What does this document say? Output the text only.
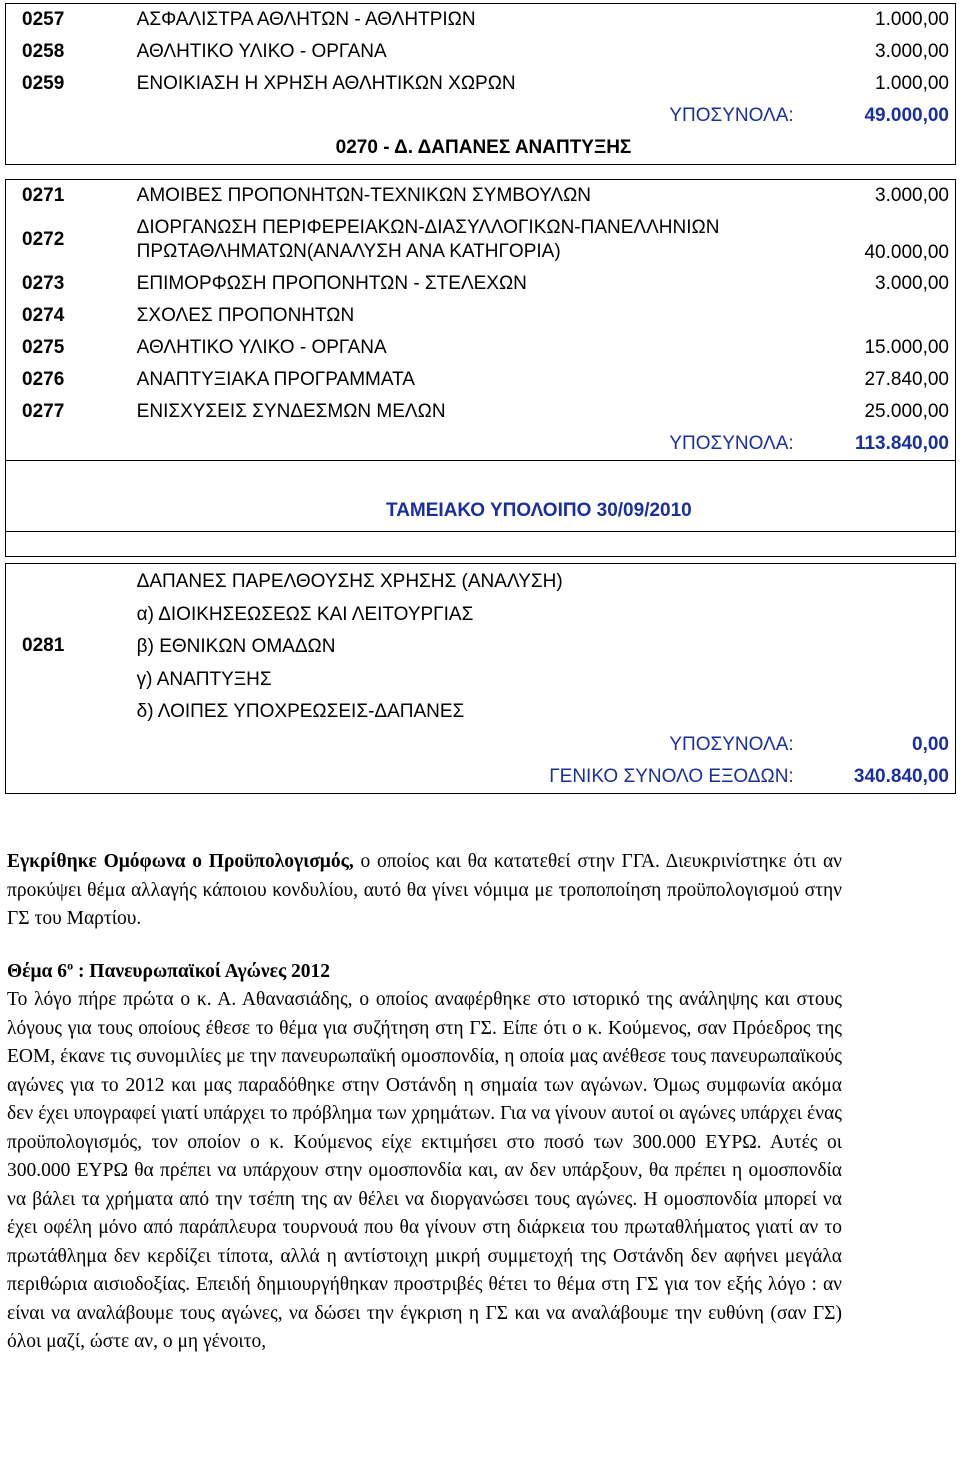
0257	ΑΣΦΑΛΙΣΤΡΑ ΑΘΛΗΤΩΝ - ΑΘΛΗΤΡΙΩΝ	1.000,00
0258	ΑΘΛΗΤΙΚΟ ΥΛΙΚΟ - ΟΡΓΑΝΑ	3.000,00
0259	ΕΝΟΙΚΙΑΣΗ Η ΧΡΗΣΗ ΑΘΛΗΤΙΚΩΝ ΧΩΡΩΝ	1.000,00
	ΥΠΟΣΥΝΟΛΑ:	49.000,00
	0270 - Δ. ΔΑΠΑΝΕΣ ΑΝΑΠΤΥΞΗΣ	

0271	ΑΜΟΙΒΕΣ ΠΡΟΠΟΝΗΤΩΝ-ΤΕΧΝΙΚΩΝ ΣΥΜΒΟΥΛΩΝ	3.000,00
0272	ΔΙΟΡΓΑΝΩΣΗ ΠΕΡΙΦΕΡΕΙΑΚΩΝ-ΔΙΑΣΥΛΛΟΓΙΚΩΝ-ΠΑΝΕΛΛΗΝΙΩΝ
ΠΡΩΤΑΘΛΗΜΑΤΩΝ(ΑΝΑΛΥΣΗ ΑΝΑ ΚΑΤΗΓΟΡΙΑ)	40.000,00
0273	ΕΠΙΜΟΡΦΩΣΗ ΠΡΟΠΟΝΗΤΩΝ - ΣΤΕΛΕΧΩΝ	3.000,00
0274	ΣΧΟΛΕΣ ΠΡΟΠΟΝΗΤΩΝ	
0275	ΑΘΛΗΤΙΚΟ ΥΛΙΚΟ - ΟΡΓΑΝΑ	15.000,00
0276	ΑΝΑΠΤΥΞΙΑΚΑ ΠΡΟΓΡΑΜΜΑΤΑ	27.840,00
0277	ΕΝΙΣΧΥΣΕΙΣ ΣΥΝΔΕΣΜΩΝ ΜΕΛΩΝ	25.000,00
	ΥΠΟΣΥΝΟΛΑ:	113.840,00

ΤΑΜΕΙΑΚΟ ΥΠΟΛΟΙΠΟ 30/09/2010		

0281	ΔΑΠΑΝΕΣ ΠΑΡΕΛΘΟΥΣΗΣ ΧΡΗΣΗΣ (ΑΝΑΛΥΣΗ)
α) ΔΙΟΙΚΗΣΕΩΣΕΩΣ ΚΑΙ ΛΕΙΤΟΥΡΓΙΑΣ
β) ΕΘΝΙΚΩΝ ΟΜΑΔΩΝ
γ) ΑΝΑΠΤΥΞΗΣ
δ) ΛΟΙΠΕΣ ΥΠΟΧΡΕΩΣΕΙΣ-ΔΑΠΑΝΕΣ	

	ΥΠΟΣΥΝΟΛΑ:	0,00
	ΓΕΝΙΚΟ ΣΥΝΟΛΟ ΕΞΟΔΩΝ:	340.840,00

Εγκρίθηκε Ομόφωνα ο Προϋπολογισμός, ο οποίος και θα κατατεθεί στην ΓΓΑ. Διευκρινίστηκε ότι αν προκύψει θέμα αλλαγής κάποιου κονδυλίου, αυτό θα γίνει νόμιμα με τροποποίηση προϋπολογισμού στην ΓΣ του Μαρτίου.

Θέμα $6^o$ : Πανευρωπαϊκοί Αγώνες 2012

Το λόγο πήρε πρώτα ο κ. Α. Αθανασιάδης, ο οποίος αναφέρθηκε στο ιστορικό της ανάληψης και στους λόγους για τους οποίους έθεσε το θέμα για συζήτηση στη ΓΣ. Είπε ότι ο κ. Κούμενος, σαν Πρόεδρος της ΕΟΜ, έκανε τις συνομιλίες με την πανευρωπαϊκή ομοσπονδία, η οποία μας ανέθεσε τους πανευρωπαϊκούς αγώνες για το 2012 και μας παραδόθηκε στην Οστάνδη η σημαία των αγώνων. Όμως συμφωνία ακόμα δεν έχει υπογραφεί γιατί υπάρχει το πρόβλημα των χρημάτων. Για να γίνουν αυτοί οι αγώνες υπάρχει ένας προϋπολογισμός, τον οποίον ο κ. Κούμενος είχε εκτιμήσει στο ποσό των 300.000 ΕΥΡΩ. Αυτές οι 300.000 ΕΥΡΩ θα πρέπει να υπάρχουν στην ομοσπονδία και, αν δεν υπάρξουν, θα πρέπει η ομοσπονδία να βάλει τα χρήματα από την τσέπη της αν θέλει να διοργανώσει τους αγώνες. Η ομοσπονδία μπορεί να έχει οφέλη μόνο από παράπλευρα τουρνουά που θα γίνουν στη διάρκεια του πρωταθλήματος γιατί αν το πρωτάθλημα δεν κερδίζει τίποτα, αλλά η αντίστοιχη μικρή συμμετοχή της Οστάνδη δεν αφήνει μεγάλα περιθώρια αισιοδοξίας. Επειδή δημιουργήθηκαν προστριβές θέτει το θέμα στη ΓΣ για τον εξής λόγο : αν είναι να αναλάβουμε τους αγώνες, να δώσει την έγκριση η ΓΣ και να αναλάβουμε την ευθύνη (σαν ΓΣ) όλοι μαζί, ώστε αν, ο μη γένοιτο,
